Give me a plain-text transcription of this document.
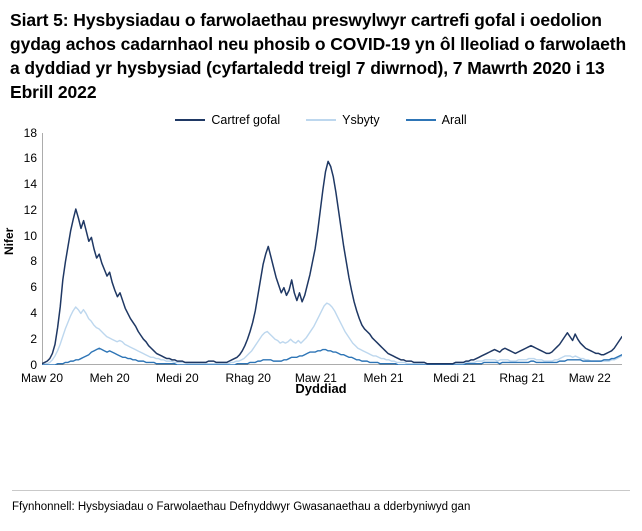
Siart 5: Hysbysiadau o farwolaethau preswylwyr cartrefi gofal i oedolion gydag achos cadarnhaol neu phosib o COVID-19 yn ôl lleoliad o farwolaeth a dyddiad yr hysbysiad (cyfartaledd treigl 7 diwrnod), 7 Mawrth 2020 i 13 Ebrill 2022
Cartref gofal	Ysbyty	Arall
Nifer
0
2
4
6
8
10
12
14
16
18
Maw 20 Meh 20 Medi 20 Rhag 20 Maw 21 Meh 21 Medi 21 Rhag 21 Maw 22
Dyddiad
Ffynhonnell: Hysbysiadau o Farwolaethau Defnyddwyr Gwasanaethau a dderbyniwyd gan
